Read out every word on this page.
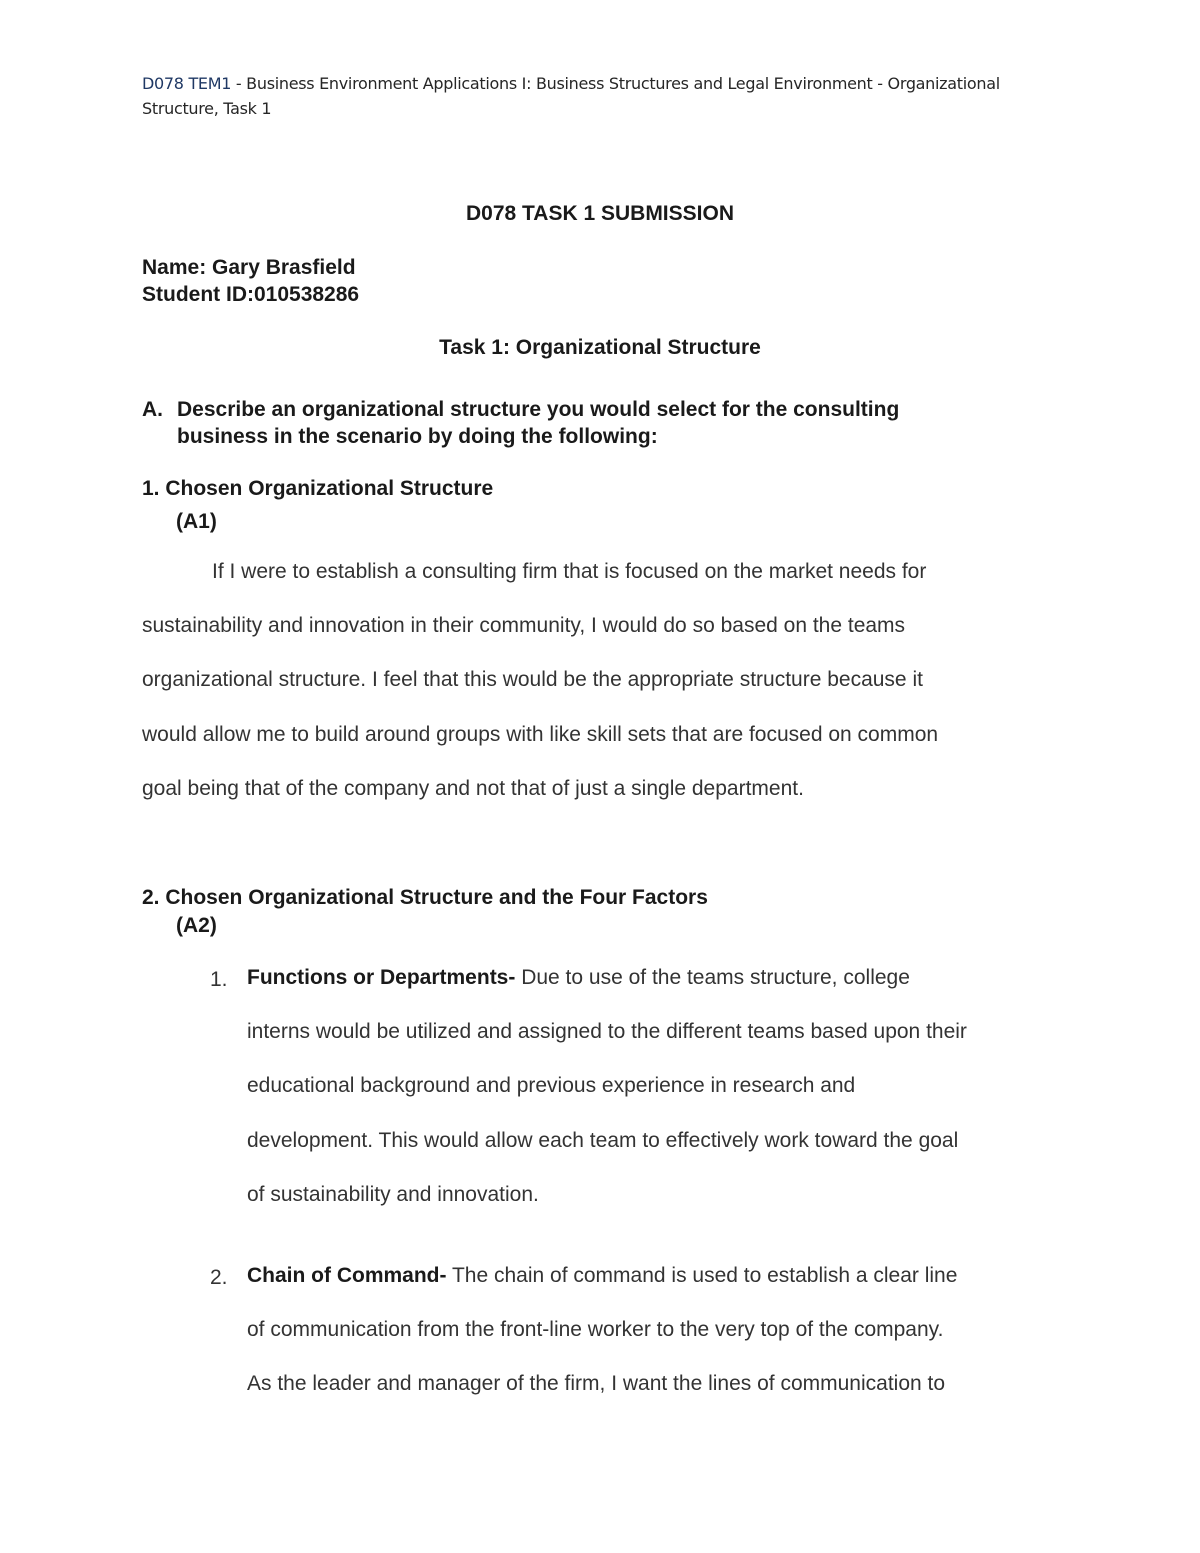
D078 TEM1 - Business Environment Applications I: Business Structures and Legal Environment - Organizational
Structure, Task 1
D078 TASK 1 SUBMISSION
Name: Gary Brasfield
Student ID:010538286
Task 1: Organizational Structure
A. Describe an organizational structure you would select for the consulting
business in the scenario by doing the following:
1. Chosen Organizational Structure
(A1)
If I were to establish a consulting firm that is focused on the market needs for
sustainability and innovation in their community, I would do so based on the teams
organizational structure. I feel that this would be the appropriate structure because it
would allow me to build around groups with like skill sets that are focused on common
goal being that of the company and not that of just a single department.
2. Chosen Organizational Structure and the Four Factors
(A2)
1. Functions or Departments- Due to use of the teams structure, college
interns would be utilized and assigned to the different teams based upon their
educational background and previous experience in research and
development. This would allow each team to effectively work toward the goal
of sustainability and innovation.
2. Chain of Command- The chain of command is used to establish a clear line
of communication from the front-line worker to the very top of the company.
As the leader and manager of the firm, I want the lines of communication to
